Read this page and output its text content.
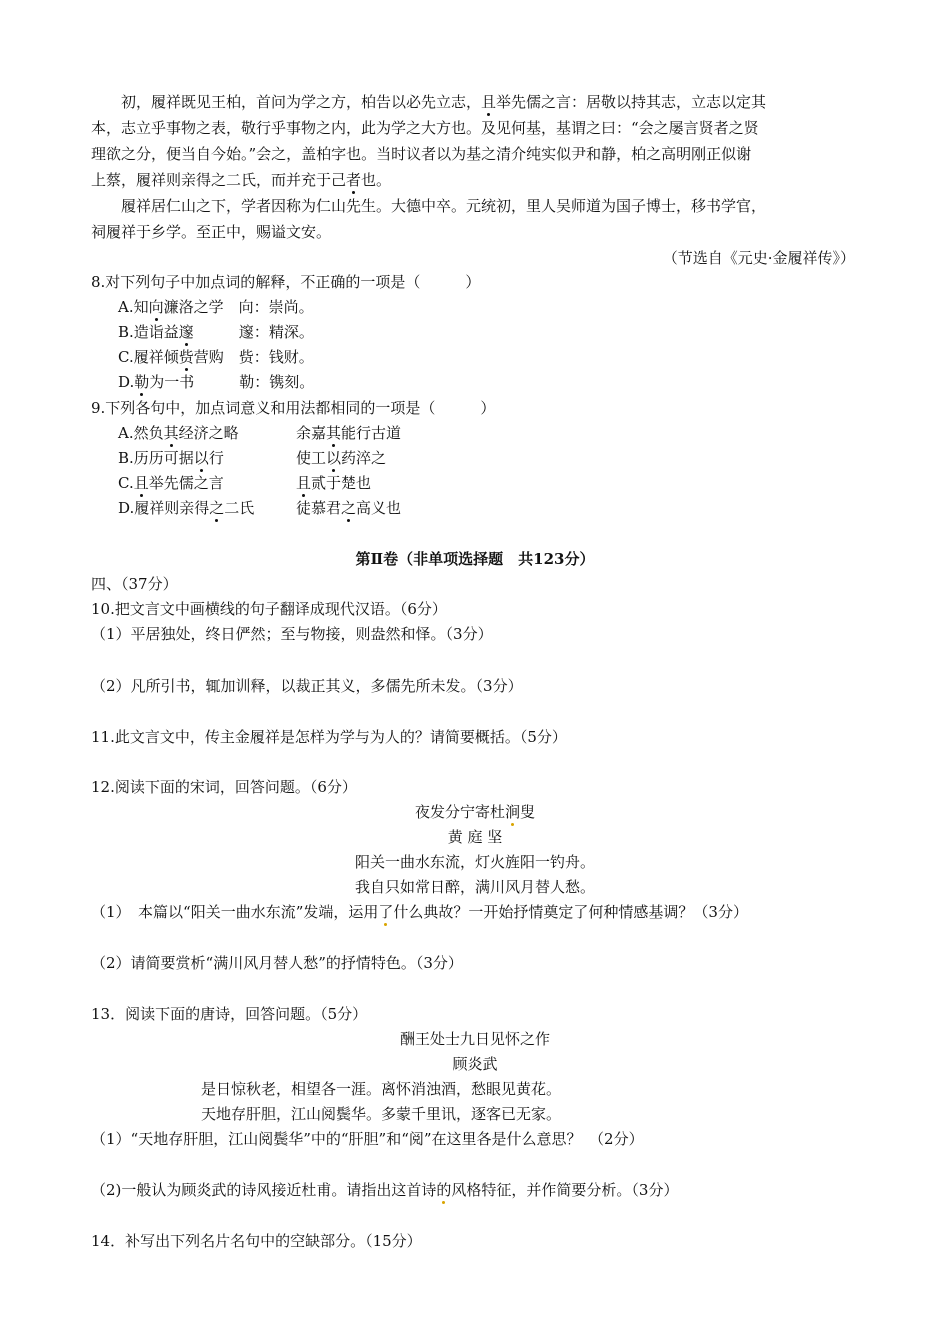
初，履祥既见王柏，首问为学之方，柏告以必先立志，且举先儒之言：居敬以持其志，立志以定其
本，志立乎事物之表，敬行乎事物之内，此为学之大方也。及见何基，基谓之曰：“会之屡言贤者之贤
理欲之分，便当自今始。”会之，盖柏字也。当时议者以为基之清介纯实似尹和静，柏之高明刚正似谢
上蔡，履祥则亲得之二氏，而并充于己者也。
履祥居仁山之下，学者因称为仁山先生。大德中卒。元统初，里人吴师道为国子博士，移书学官，
祠履祥于乡学。至正中，赐谥文安。
（节选自《元史·金履祥传》）
8.对下列句子中加点词的解释，不正确的一项是（　　　）
A.知向濂洛之学　向：崇尚。
B.造诣益邃　　　邃：精深。
C.履祥倾赀营购　赀：钱财。
D.勒为一书　　　勒：镌刻。
9.下列各句中，加点词意义和用法都相同的一项是（　　　）
A.然负其经济之略	余嘉其能行古道
B.历历可据以行	使工以药淬之
C.且举先儒之言	且贰于楚也
D.履祥则亲得之二氏	徒慕君之高义也
第Ⅱ卷（非单项选择题　共123分）
四、（37分）
10.把文言文中画横线的句子翻译成现代汉语。（6分）
（1）平居独处，终日俨然；至与物接，则盎然和怿。（3分）
（2）凡所引书，辄加训释，以裁正其义，多儒先所未发。（3分）
11.此文言文中，传主金履祥是怎样为学与为人的？请简要概括。（5分）
12.阅读下面的宋词，回答问题。（6分）
夜发分宁寄杜涧叟
黄 庭 坚
阳关一曲水东流，灯火旌阳一钓舟。
我自只如常日醉，满川风月替人愁。
（1）　本篇以“阳关一曲水东流”发端，运用了什么典故？一开始抒情奠定了何种情感基调？（3分）
（2）请简要赏析“满川风月替人愁”的抒情特色。（3分）
13．阅读下面的唐诗，回答问题。（5分）
酬王处士九日见怀之作
顾炎武
是日惊秋老，相望各一涯。离怀消浊酒，愁眼见黄花。
天地存肝胆，江山阅鬓华。多蒙千里讯，逐客已无家。
（1）“天地存肝胆，江山阅鬓华”中的“肝胆”和“阅”在这里各是什么意思？　（2分）
（2)一般认为顾炎武的诗风接近杜甫。请指出这首诗的风格特征，并作简要分析。（3分）
14．补写出下列名片名句中的空缺部分。（15分）
